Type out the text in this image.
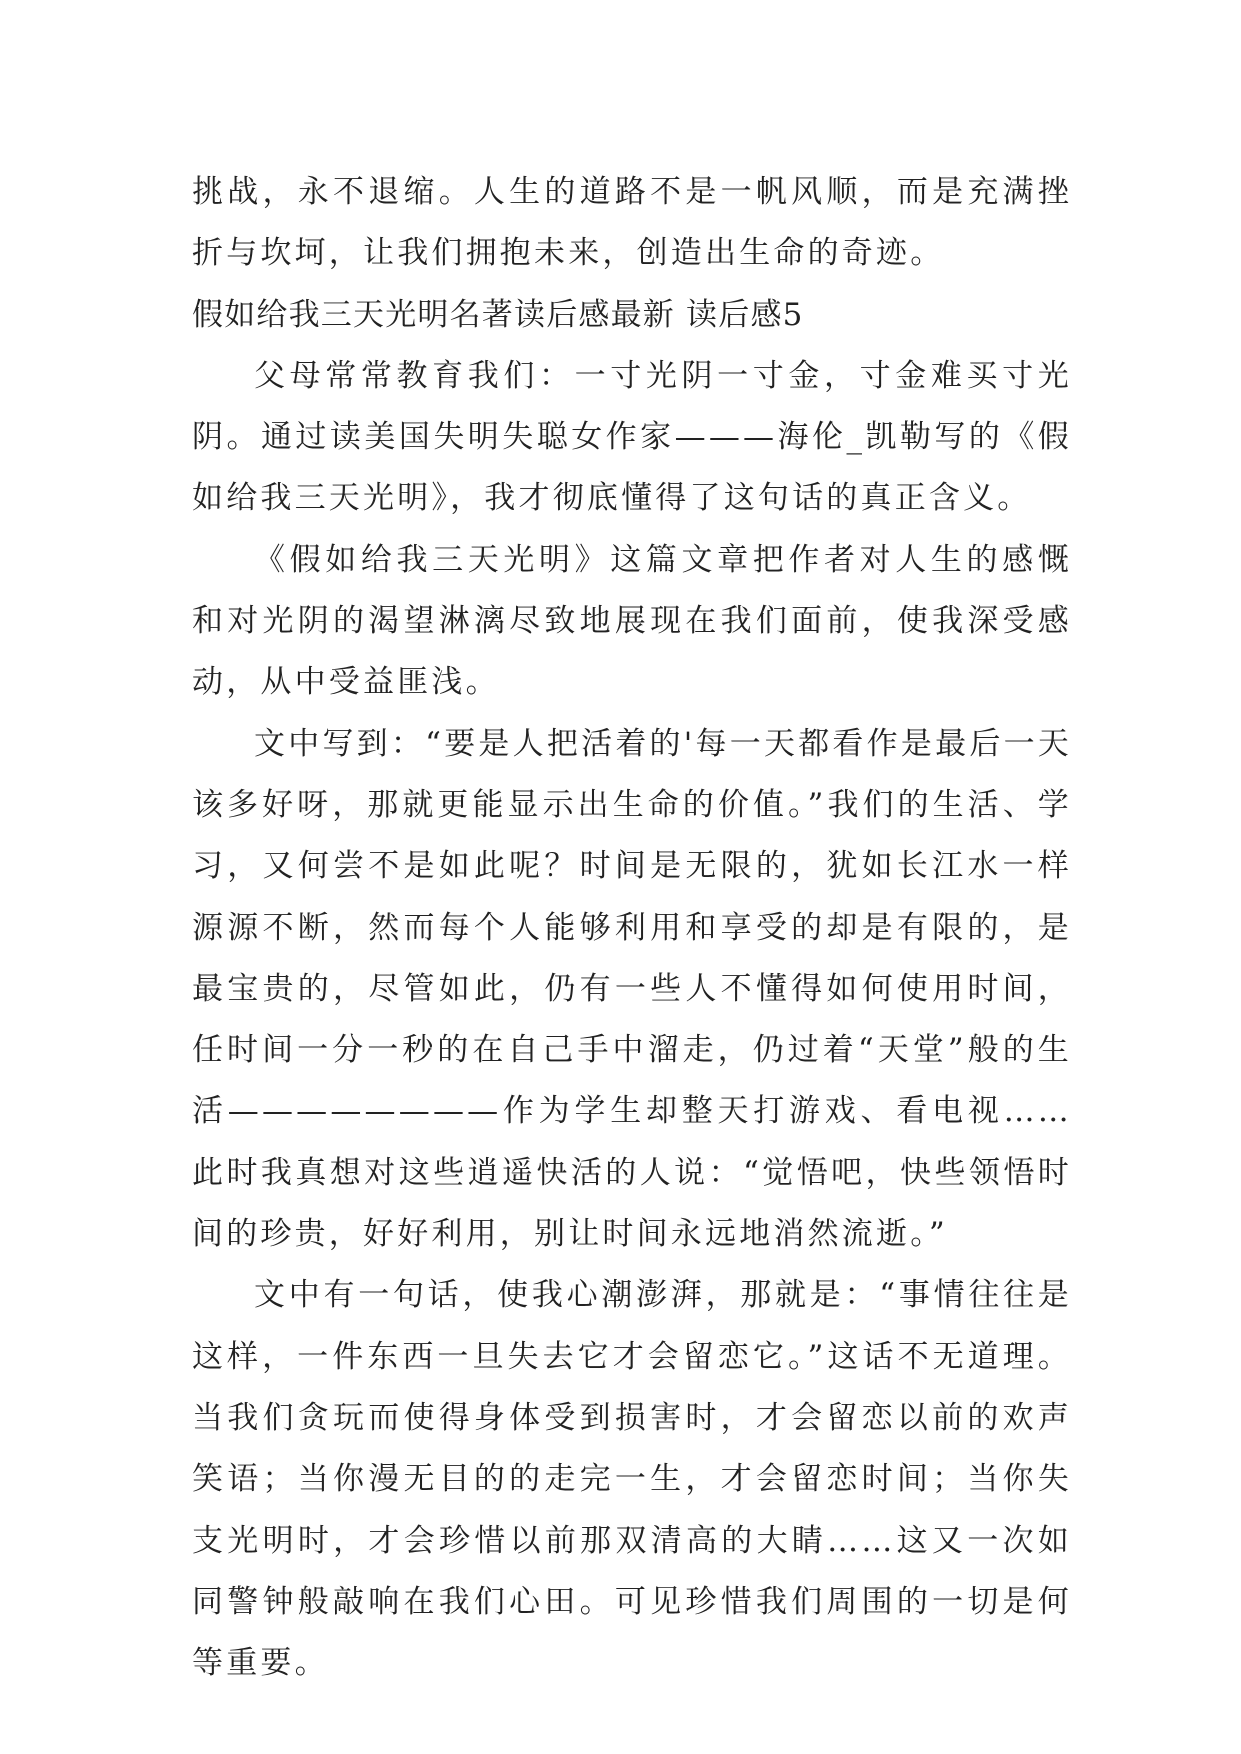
挑战，永不退缩。人生的道路不是一帆风顺，而是充满挫折与坎坷，让我们拥抱未来，创造出生命的奇迹。

假如给我三天光明名著读后感最新 读后感5

父母常常教育我们：一寸光阴一寸金，寸金难买寸光阴。通过读美国失明失聪女作家———海伦_凯勒写的《假如给我三天光明》，我才彻底懂得了这句话的真正含义。

《假如给我三天光明》这篇文章把作者对人生的感慨和对光阴的渴望淋漓尽致地展现在我们面前，使我深受感动，从中受益匪浅。

文中写到：“要是人把活着的'每一天都看作是最后一天该多好呀，那就更能显示出生命的价值。”我们的生活、学习，又何尝不是如此呢？时间是无限的，犹如长江水一样源源不断，然而每个人能够利用和享受的却是有限的，是最宝贵的，尽管如此，仍有一些人不懂得如何使用时间，任时间一分一秒的在自己手中溜走，仍过着“天堂”般的生活————————作为学生却整天打游戏、看电视……此时我真想对这些逍遥快活的人说：“觉悟吧，快些领悟时间的珍贵，好好利用，别让时间永远地消然流逝。”

文中有一句话，使我心潮澎湃，那就是：“事情往往是这样，一件东西一旦失去它才会留恋它。”这话不无道理。当我们贪玩而使得身体受到损害时，才会留恋以前的欢声笑语；当你漫无目的的走完一生，才会留恋时间；当你失支光明时，才会珍惜以前那双清高的大睛……这又一次如同警钟般敲响在我们心田。可见珍惜我们周围的一切是何等重要。
